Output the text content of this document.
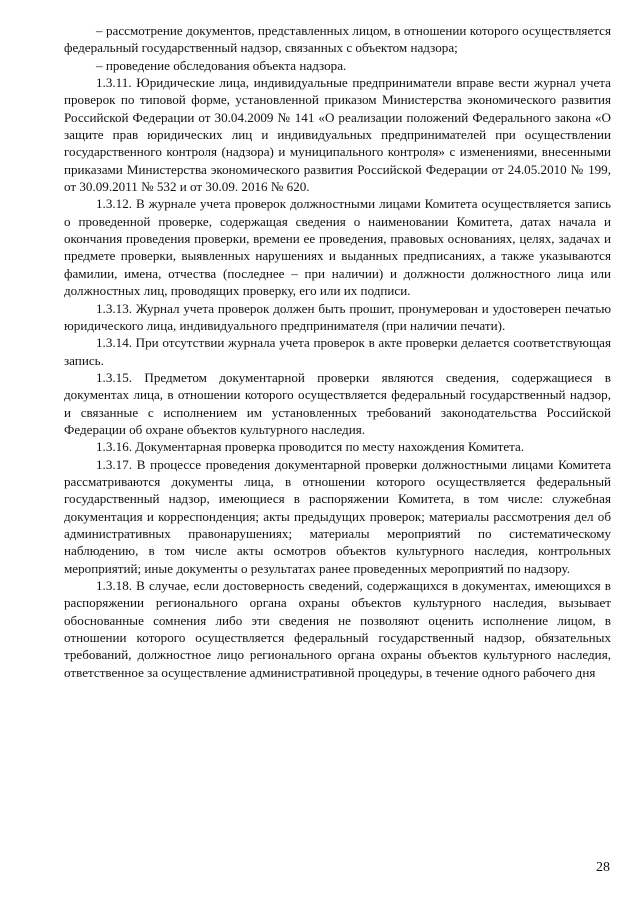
– рассмотрение документов, представленных лицом, в отношении которого осуществляется федеральный государственный надзор, связанных с объектом надзора;

– проведение обследования объекта надзора.

1.3.11. Юридические лица, индивидуальные предприниматели вправе вести журнал учета проверок по типовой форме, установленной приказом Министерства экономического развития Российской Федерации от 30.04.2009 № 141 «О реализации положений Федерального закона «О защите прав юридических лиц и индивидуальных предпринимателей при осуществлении государственного контроля (надзора) и муниципального контроля» с изменениями, внесенными приказами Министерства экономического развития Российской Федерации от 24.05.2010 № 199, от 30.09.2011 № 532 и от 30.09. 2016 № 620.

1.3.12. В журнале учета проверок должностными лицами Комитета осуществляется запись о проведенной проверке, содержащая сведения о наименовании Комитета, датах начала и окончания проведения проверки, времени ее проведения, правовых основаниях, целях, задачах и предмете проверки, выявленных нарушениях и выданных предписаниях, а также указываются фамилии, имена, отчества (последнее – при наличии) и должности должностного лица или должностных лиц, проводящих проверку, его или их подписи.

1.3.13. Журнал учета проверок должен быть прошит, пронумерован и удостоверен печатью юридического лица, индивидуального предпринимателя (при наличии печати).

1.3.14. При отсутствии журнала учета проверок в акте проверки делается соответствующая запись.

1.3.15. Предметом документарной проверки являются сведения, содержащиеся в документах лица, в отношении которого осуществляется федеральный государственный надзор, и связанные с исполнением им установленных требований законодательства Российской Федерации об охране объектов культурного наследия.

1.3.16. Документарная проверка проводится по месту нахождения Комитета.

1.3.17. В процессе проведения документарной проверки должностными лицами Комитета рассматриваются документы лица, в отношении которого осуществляется федеральный государственный надзор, имеющиеся в распоряжении Комитета, в том числе: служебная документация и корреспонденция; акты предыдущих проверок; материалы рассмотрения дел об административных правонарушениях; материалы мероприятий по систематическому наблюдению, в том числе акты осмотров объектов культурного наследия, контрольных мероприятий; иные документы о результатах ранее проведенных мероприятий по надзору.

1.3.18. В случае, если достоверность сведений, содержащихся в документах, имеющихся в распоряжении регионального органа охраны объектов культурного наследия, вызывает обоснованные сомнения либо эти сведения не позволяют оценить исполнение лицом, в отношении которого осуществляется федеральный государственный надзор, обязательных требований, должностное лицо регионального органа охраны объектов культурного наследия, ответственное за осуществление административной процедуры, в течение одного рабочего дня

28
